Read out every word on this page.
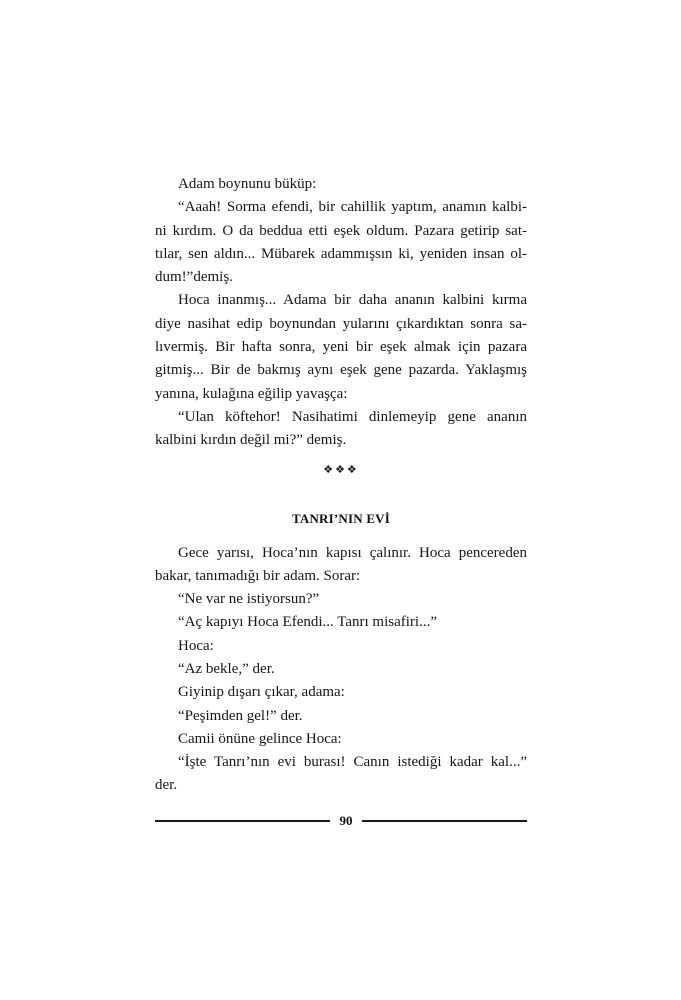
Adam boynunu büküp:
“Aaah! Sorma efendi, bir cahillik yaptım, anamın kalbi-
ni kırdım. O da beddua etti eşek oldum. Pazara getirip sat-
tılar, sen aldın... Mübarek adammışsın ki, yeniden insan ol-
dum!”demiş.
Hoca inanmış... Adama bir daha ananın kalbini kırma
diye nasihat edip boynundan yularını çıkardıktan sonra sa-
lıvermiş. Bir hafta sonra, yeni bir eşek almak için pazara
gitmiş... Bir de bakmış aynı eşek gene pazarda. Yaklaşmış
yanına, kulağına eğilip yavaşça:
“Ulan köftehor! Nasihatimi dinlemeyip gene ananın
kalbini kırdın değil mi?” demiş.
❖❖❖
TANRI’NIN EVİ
Gece yarısı, Hoca’nın kapısı çalınır. Hoca pencereden
bakar, tanımadığı bir adam. Sorar:
“Ne var ne istiyorsun?”
“Aç kapıyı Hoca Efendi... Tanrı misafiri...”
Hoca:
“Az bekle,” der.
Giyinip dışarı çıkar, adama:
“Peşimden gel!” der.
Camii önüne gelince Hoca:
“İşte Tanrı’nın evi burası! Canın istediği kadar kal...”
der.
90
